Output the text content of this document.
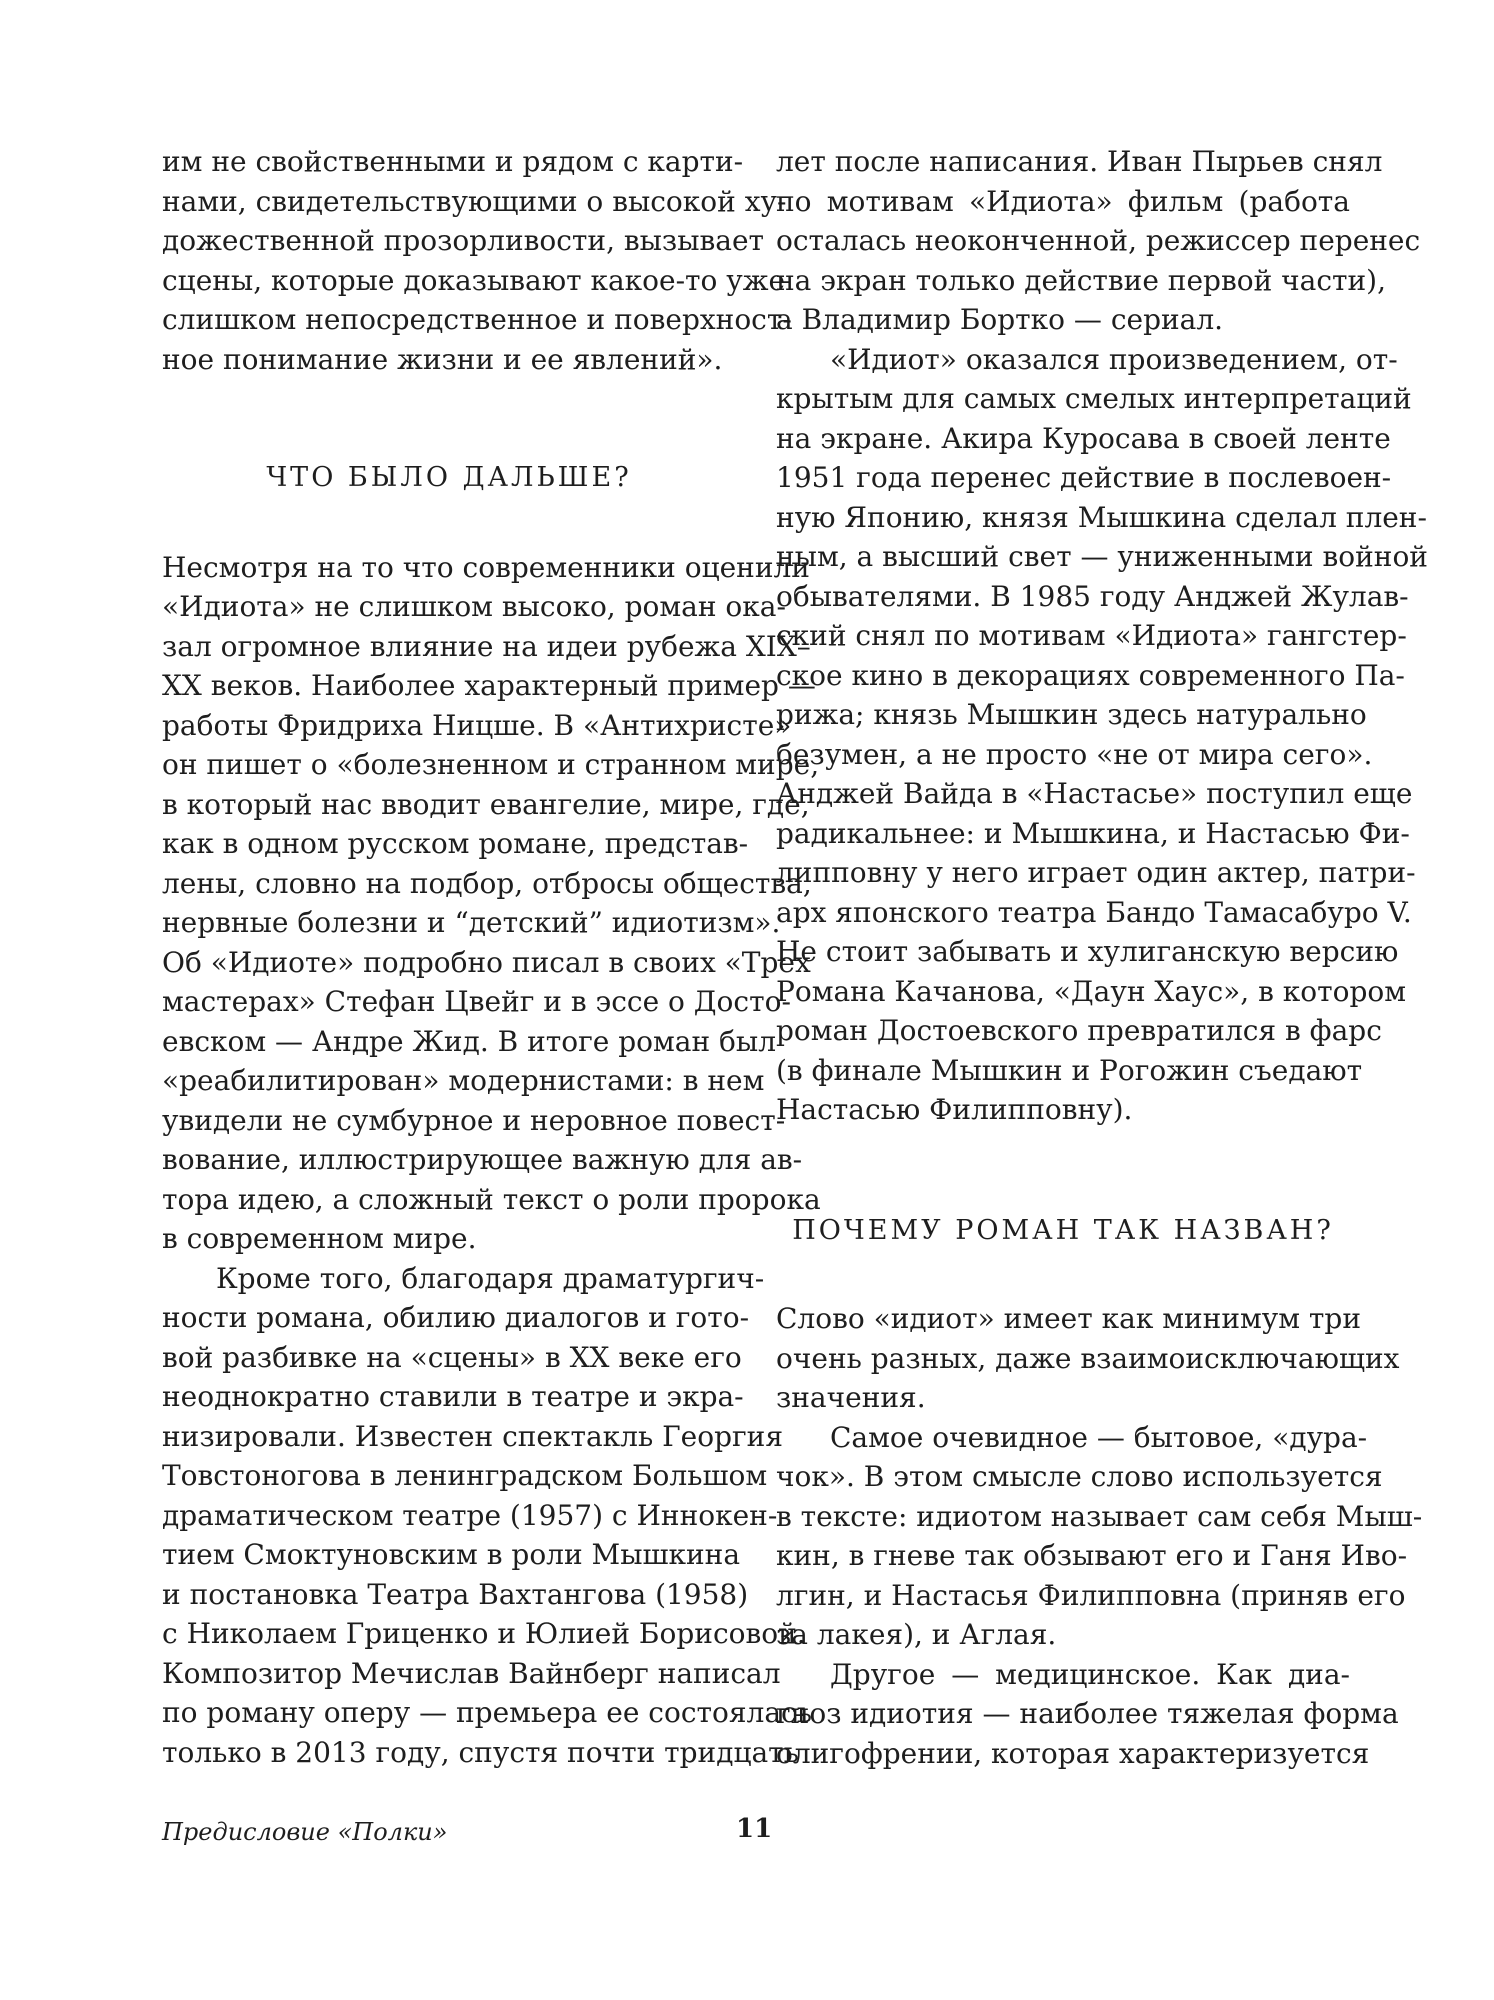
им не свойственными и рядом с карти-
нами, свидетельствующими о высокой ху-
дожественной прозорливости, вызывает
сцены, которые доказывают какое-то уже
слишком непосредственное и поверхност-
ное понимание жизни и ее явлений».
ЧТО БЫЛО ДАЛЬШЕ?
Несмотря на то что современники оценили
«Идиота» не слишком высоко, роман ока-
зал огромное влияние на идеи рубежа XIX–
XX веков. Наиболее характерный пример —
работы Фридриха Ницше. В «Антихристе»
он пишет о «болезненном и странном мире,
в который нас вводит евангелие, мире, где,
как в одном русском романе, представ-
лены, словно на подбор, отбросы общества,
нервные болезни и “детский” идиотизм».
Об «Идиоте» подробно писал в своих «Трех
мастерах» Стефан Цвейг и в эссе о Досто-
евском — Андре Жид. В итоге роман был
«реабилитирован» модернистами: в нем
увидели не сумбурное и неровное повест-
вование, иллюстрирующее важную для ав-
тора идею, а сложный текст о роли пророка
в современном мире.
Кроме того, благодаря драматургич-
ности романа, обилию диалогов и гото-
вой разбивке на «сцены» в XX веке его
неоднократно ставили в театре и экра-
низировали. Известен спектакль Георгия
Товстоногова в ленинградском Большом
драматическом театре (1957) с Иннокен-
тием Смоктуновским в роли Мышкина
и постановка Театра Вахтангова (1958)
с Николаем Гриценко и Юлией Борисовой.
Композитор Мечислав Вайнберг написал
по роману оперу — премьера ее состоялась
только в 2013 году, спустя почти тридцать
лет после написания. Иван Пырьев снял
по мотивам «Идиота» фильм (работа
осталась неоконченной, режиссер перенес
на экран только действие первой части),
а Владимир Бортко — сериал.
«Идиот» оказался произведением, от-
крытым для самых смелых интерпретаций
на экране. Акира Куросава в своей ленте
1951 года перенес действие в послевоен-
ную Японию, князя Мышкина сделал плен-
ным, а высший свет — униженными войной
обывателями. В 1985 году Анджей Жулав-
ский снял по мотивам «Идиота» гангстер-
ское кино в декорациях современного Па-
рижа; князь Мышкин здесь натурально
безумен, а не просто «не от мира сего».
Анджей Вайда в «Настасье» поступил еще
радикальнее: и Мышкина, и Настасью Фи-
липповну у него играет один актер, патри-
арх японского театра Бандо Тамасабуро V.
Не стоит забывать и хулиганскую версию
Романа Качанова, «Даун Хаус», в котором
роман Достоевского превратился в фарс
(в финале Мышкин и Рогожин съедают
Настасью Филипповну).
ПОЧЕМУ РОМАН ТАК НАЗВАН?
Слово «идиот» имеет как минимум три
очень разных, даже взаимоисключающих
значения.
Самое очевидное — бытовое, «дура-
чок». В этом смысле слово используется
в тексте: идиотом называет сам себя Мыш-
кин, в гневе так обзывают его и Ганя Иво-
лгин, и Настасья Филипповна (приняв его
за лакея), и Аглая.
Другое — медицинское. Как диа-
гноз идиотия — наиболее тяжелая форма
олигофрении, которая характеризуется
Предисловие «Полки»	11
